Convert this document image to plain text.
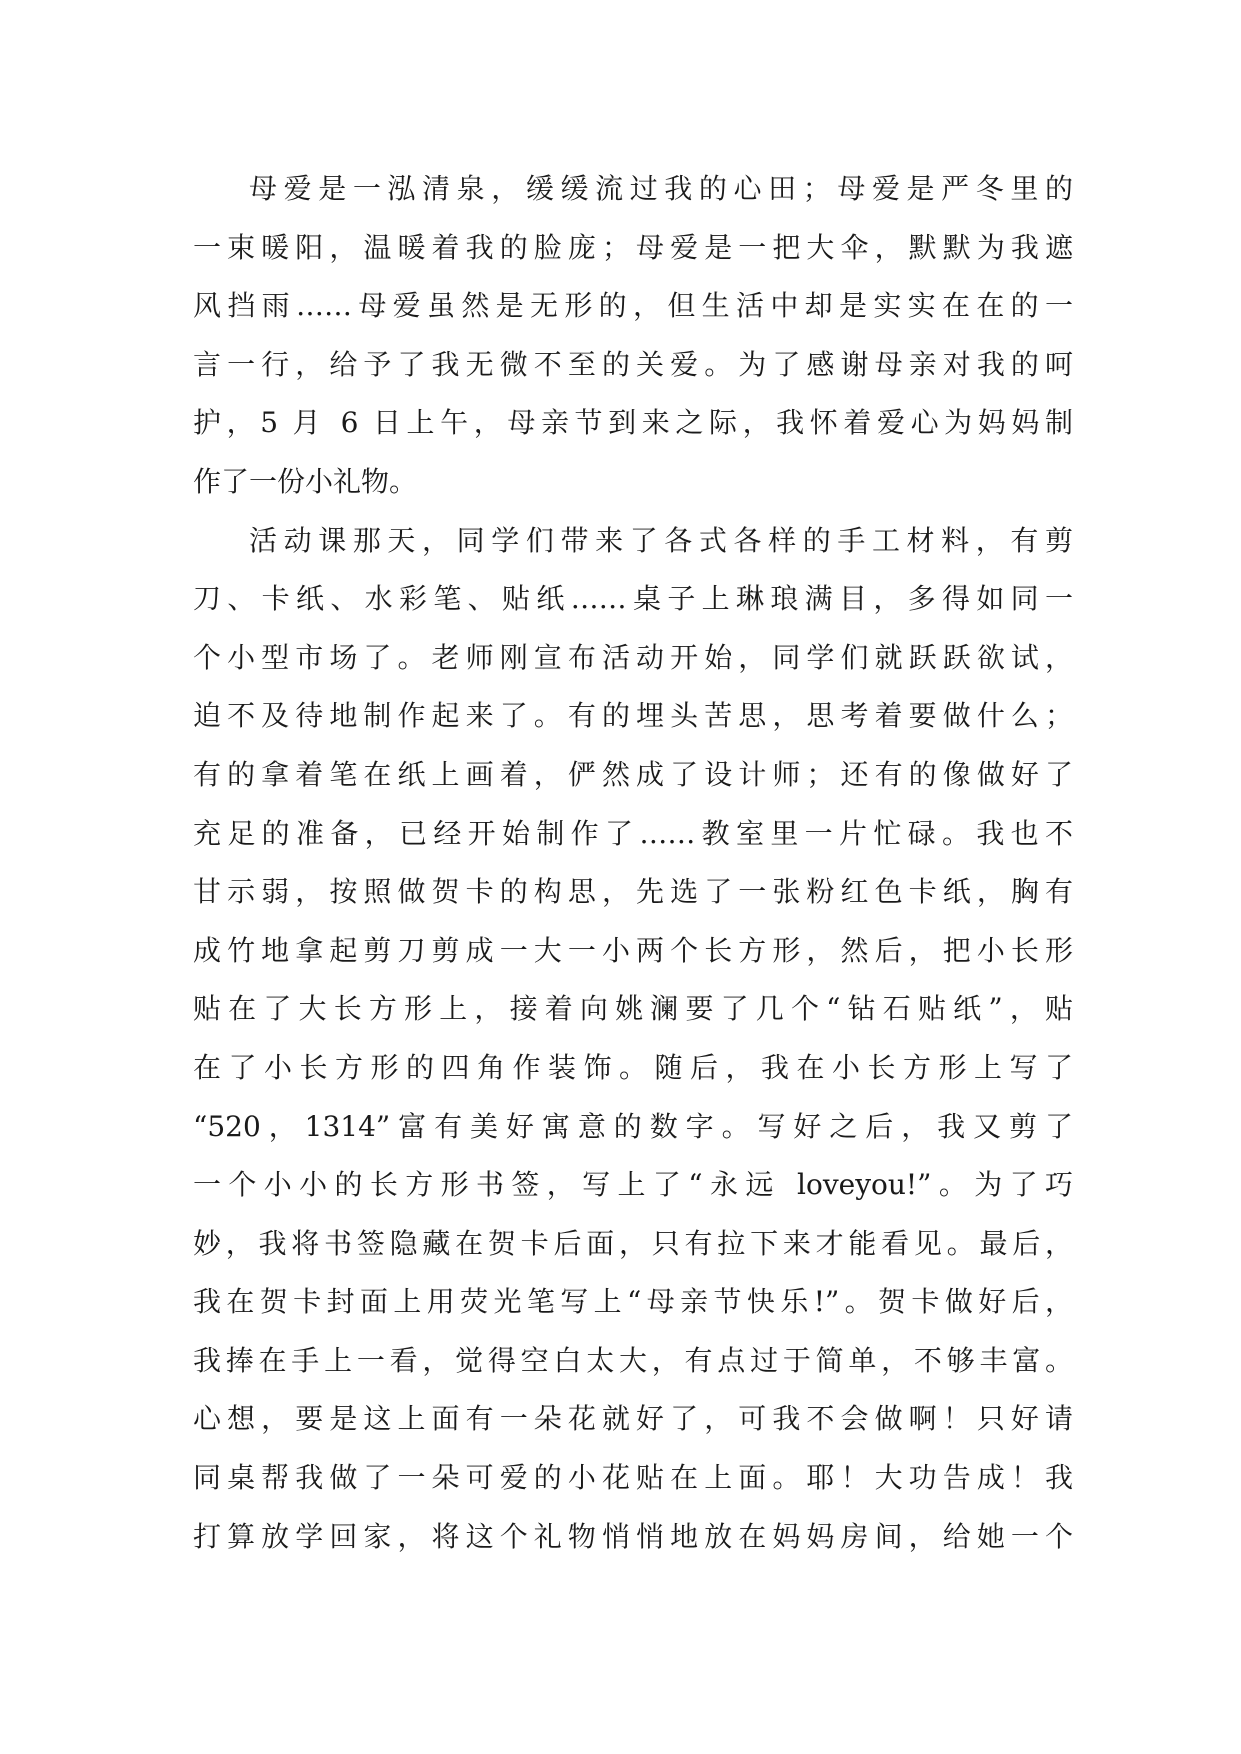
母爱是一泓清泉，缓缓流过我的心田；母爱是严冬里的
一束暖阳，温暖着我的脸庞；母爱是一把大伞，默默为我遮
风挡雨……母爱虽然是无形的，但生活中却是实实在在的一
言一行，给予了我无微不至的关爱。为了感谢母亲对我的呵
护，5 月 6 日上午，母亲节到来之际，我怀着爱心为妈妈制
作了一份小礼物。
活动课那天，同学们带来了各式各样的手工材料，有剪
刀、卡纸、水彩笔、贴纸……桌子上琳琅满目，多得如同一
个小型市场了。老师刚宣布活动开始，同学们就跃跃欲试，
迫不及待地制作起来了。有的埋头苦思，思考着要做什么；
有的拿着笔在纸上画着，俨然成了设计师；还有的像做好了
充足的准备，已经开始制作了……教室里一片忙碌。我也不
甘示弱，按照做贺卡的构思，先选了一张粉红色卡纸，胸有
成竹地拿起剪刀剪成一大一小两个长方形，然后，把小长形
贴在了大长方形上，接着向姚澜要了几个“钻石贴纸”，贴
在了小长方形的四角作装饰。随后，我在小长方形上写了
“520，1314”富有美好寓意的数字。写好之后，我又剪了
一个小小的长方形书签，写上了“永远 loveyou!”。为了巧
妙，我将书签隐藏在贺卡后面，只有拉下来才能看见。最后，
我在贺卡封面上用荧光笔写上“母亲节快乐!”。贺卡做好后，
我捧在手上一看，觉得空白太大，有点过于简单，不够丰富。
心想，要是这上面有一朵花就好了，可我不会做啊！只好请
同桌帮我做了一朵可爱的小花贴在上面。耶！大功告成！我
打算放学回家，将这个礼物悄悄地放在妈妈房间，给她一个
